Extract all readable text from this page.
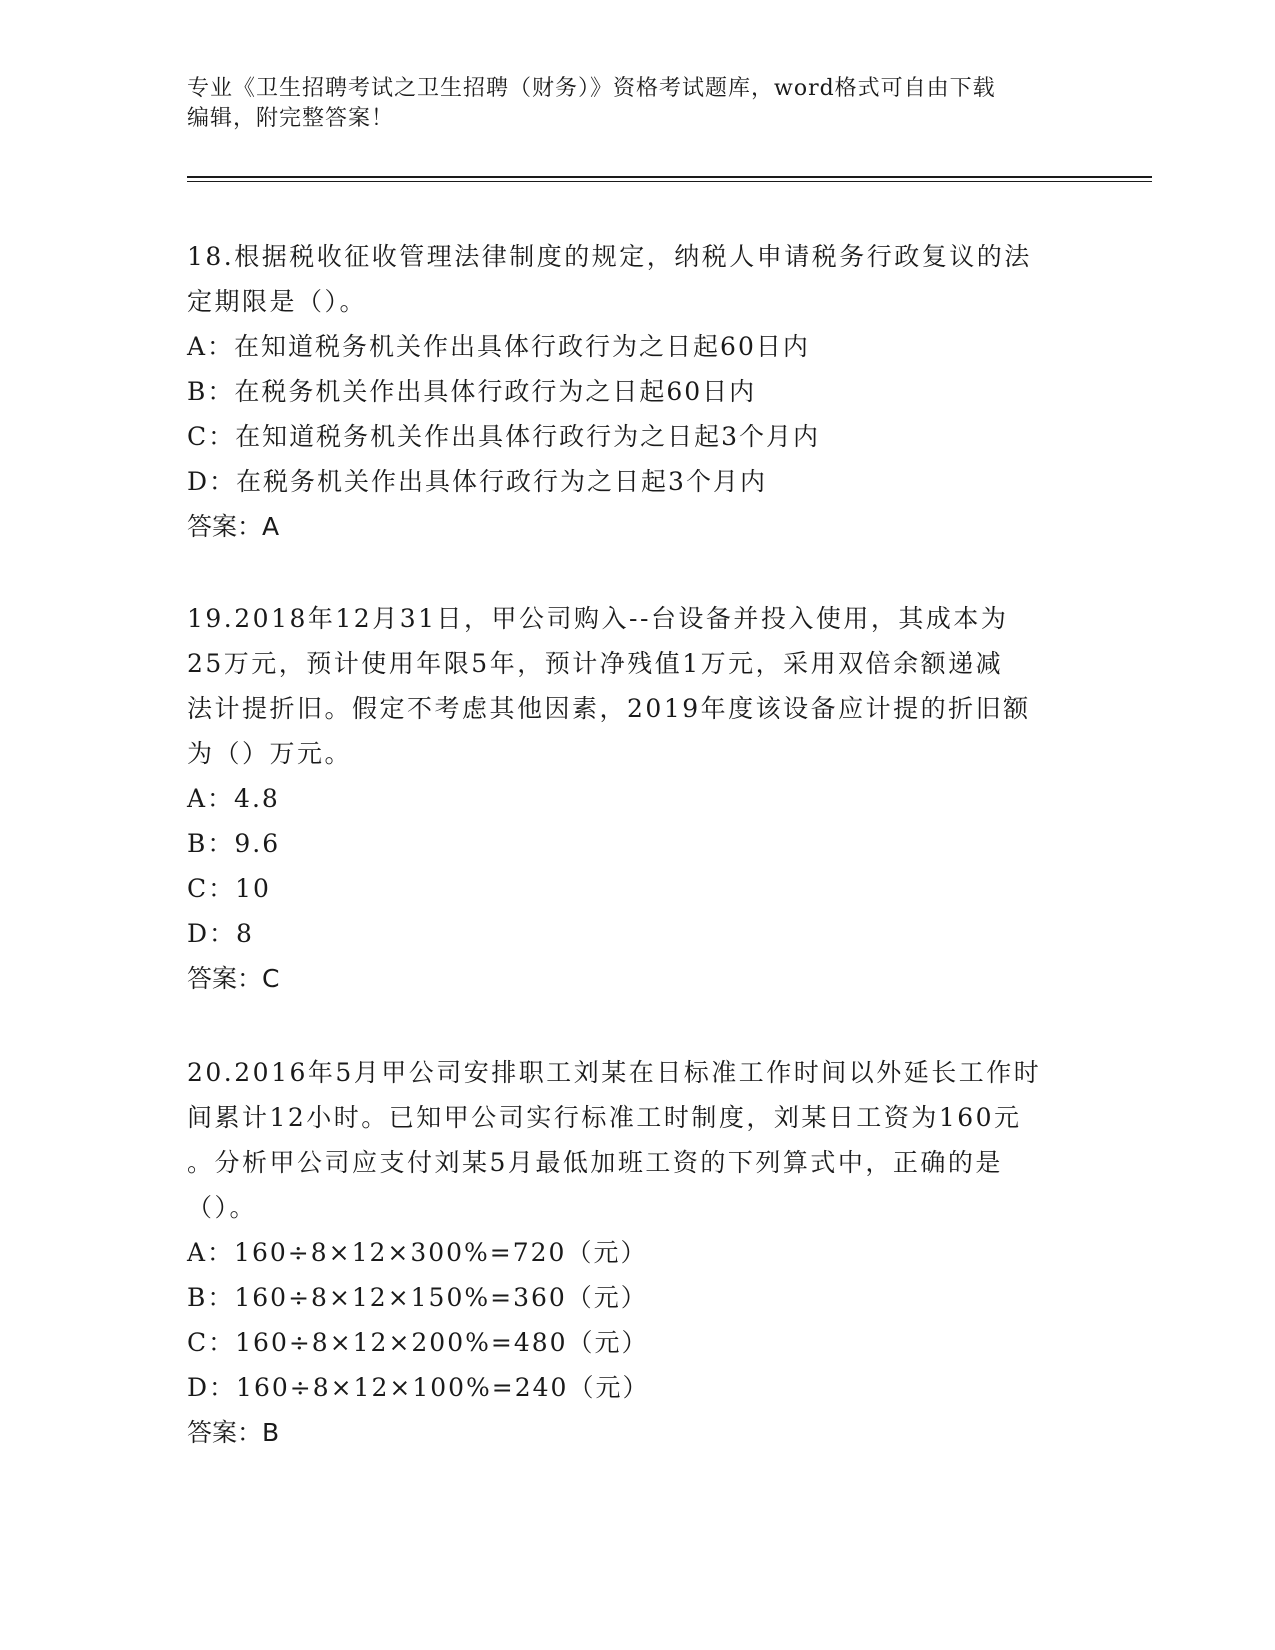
专业《卫生招聘考试之卫生招聘（财务）》资格考试题库，word格式可自由下载
编辑，附完整答案！
18.根据税收征收管理法律制度的规定，纳税人申请税务行政复议的法
定期限是（）。
A：在知道税务机关作出具体行政行为之日起60日内
B：在税务机关作出具体行政行为之日起60日内
C：在知道税务机关作出具体行政行为之日起3个月内
D：在税务机关作出具体行政行为之日起3个月内
答案：A
19.2018年12月31日，甲公司购入--台设备并投入使用，其成本为
25万元，预计使用年限5年，预计净残值1万元，采用双倍余额递减
法计提折旧。假定不考虑其他因素，2019年度该设备应计提的折旧额
为（）万元。
A：4.8
B：9.6
C：10
D：8
答案：C
20.2016年5月甲公司安排职工刘某在日标准工作时间以外延长工作时
间累计12小时。已知甲公司实行标准工时制度，刘某日工资为160元
。分析甲公司应支付刘某5月最低加班工资的下列算式中，正确的是
（）。
A：160÷8×12×300%=720（元）
B：160÷8×12×150%=360（元）
C：160÷8×12×200%=480（元）
D：160÷8×12×100%=240（元）
答案：B
